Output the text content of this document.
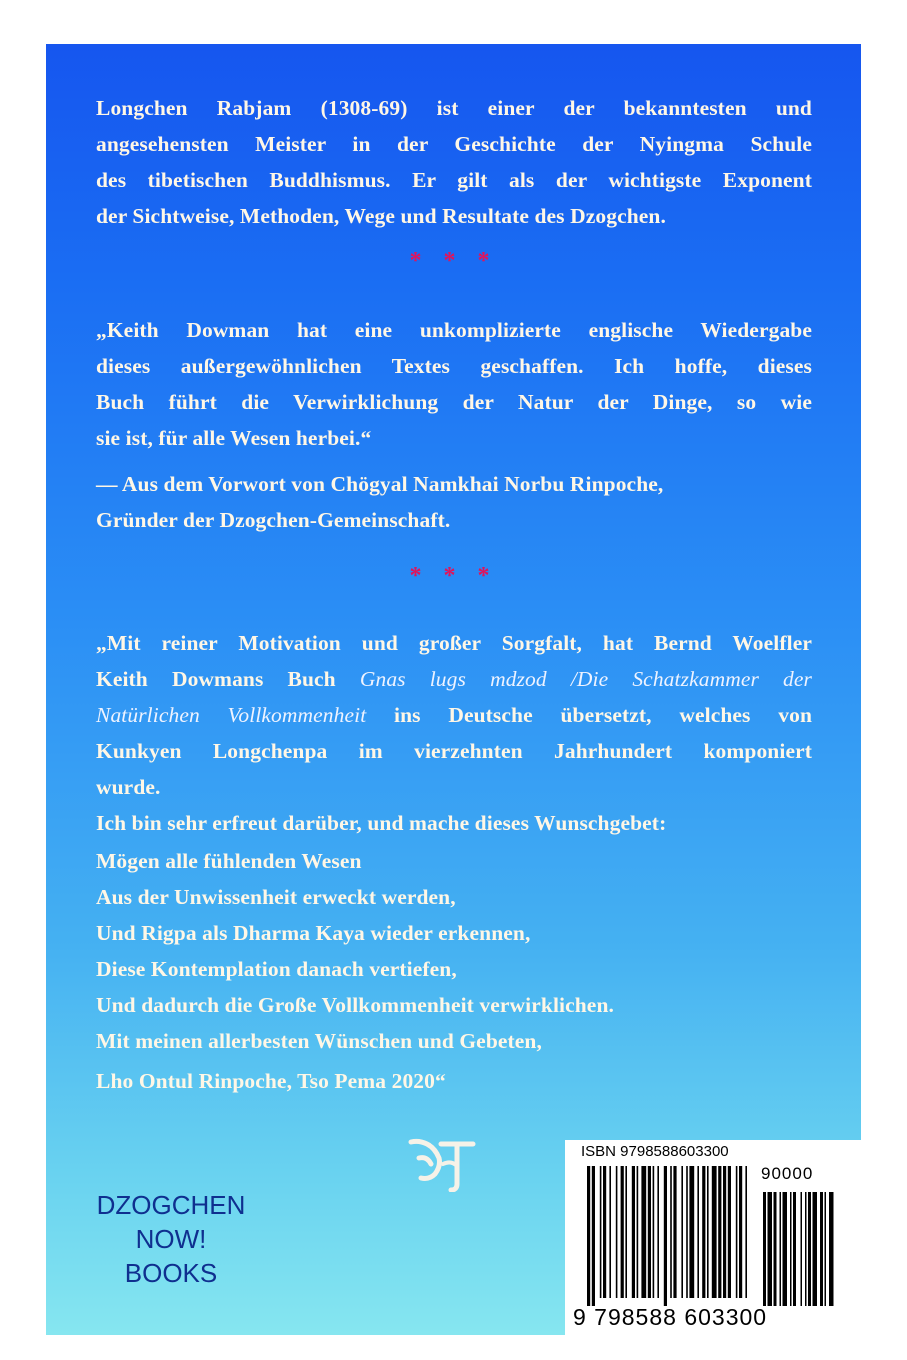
Longchen Rabjam (1308-69) ist einer der bekanntesten und
angesehensten Meister in der Geschichte der Nyingma Schule
des tibetischen Buddhismus. Er gilt als der wichtigste Exponent
der Sichtweise, Methoden, Wege und Resultate des Dzogchen.
* * *
„Keith Dowman hat eine unkomplizierte englische Wiedergabe
dieses außergewöhnlichen Textes geschaffen. Ich hoffe, dieses
Buch führt die Verwirklichung der Natur der Dinge, so wie
sie ist, für alle Wesen herbei.“
— Aus dem Vorwort von Chögyal Namkhai Norbu Rinpoche,
Gründer der Dzogchen-Gemeinschaft.
* * *
„Mit reiner Motivation und großer Sorgfalt, hat Bernd Woelfler
Keith Dowmans Buch Gnas lugs mdzod /Die Schatzkammer der
Natürlichen Vollkommenheit ins Deutsche übersetzt, welches von
Kunkyen Longchenpa im vierzehnten Jahrhundert komponiert
wurde.
Ich bin sehr erfreut darüber, und mache dieses Wunschgebet:
Mögen alle fühlenden Wesen
Aus der Unwissenheit erweckt werden,
Und Rigpa als Dharma Kaya wieder erkennen,
Diese Kontemplation danach vertiefen,
Und dadurch die Große Vollkommenheit verwirklichen.
Mit meinen allerbesten Wünschen und Gebeten,
Lho Ontul Rinpoche, Tso Pema 2020“
DZOGCHEN
NOW!
BOOKS
ISBN 9798588603300
90000
9 798588 603300
